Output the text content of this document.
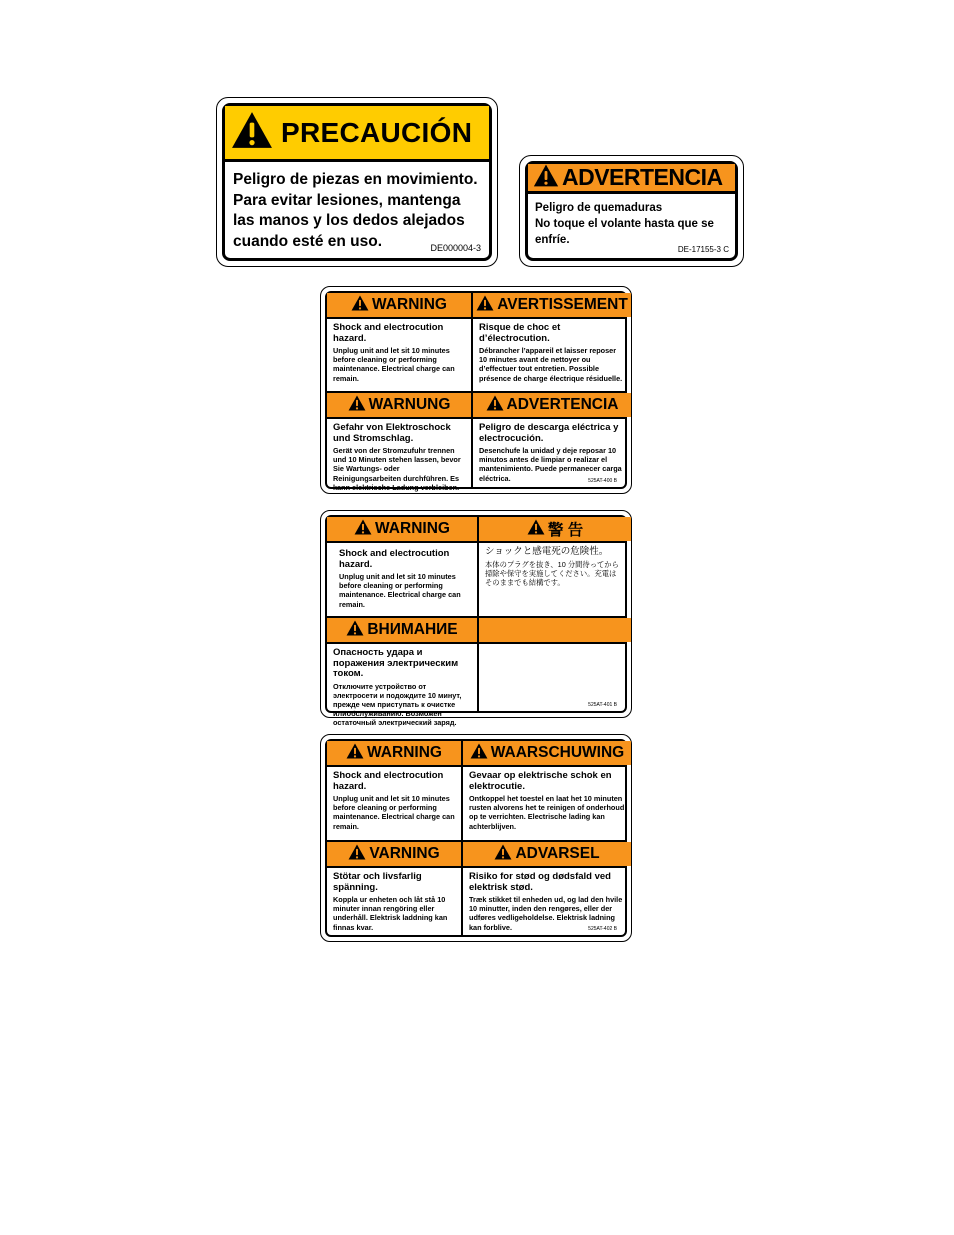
PRECAUCIÓN
Peligro de piezas en movimiento.
Para evitar lesiones, mantenga
las manos y los dedos alejados
cuando esté en uso.	DE000004-3
ADVERTENCIA
Peligro de quemaduras
No toque el volante hasta que se
enfríe.
DE-17155-3 C
WARNING	AVERTISSEMENT
Shock and electrocution hazard.
Unplug unit and let sit 10 minutes before cleaning or performing maintenance. Electrical charge can remain.
Risque de choc et d’électrocution.
Débrancher l’appareil et laisser reposer 10 minutes avant de nettoyer ou d’effectuer tout entretien. Possible présence de charge électrique résiduelle.
WARNUNG	ADVERTENCIA
Gefahr von Elektroschock und Stromschlag.
Gerät von der Stromzufuhr trennen und 10 Minuten stehen lassen, bevor Sie Wartungs- oder Reinigungsarbeiten durchführen. Es kann elektrische Ladung verbleiben.
Peligro de descarga eléctrica y electrocución.
Desenchufe la unidad y deje reposar 10 minutos antes de limpiar o realizar el mantenimiento. Puede permanecer carga eléctrica.	525AT-400 B
WARNING	警 告
Shock and electrocution hazard.
Unplug unit and let sit 10 minutes before cleaning or performing maintenance. Electrical charge can remain.
ショックと感電死の危険性。
本体のプラグを抜き、10 分間待ってから掃除や保守を実施してください。充電はそのままでも結構です。
ВНИМАНИЕ
Опасность удара и поражения электрическим током.
Отключите устройство от электросети и подождите 10 минут, прежде чем приступать к очистке илиобслуживанию. Возможен остаточный электрический заряд.
525AT-401 B
WARNING	WAARSCHUWING
Shock and electrocution hazard.
Unplug unit and let sit 10 minutes before cleaning or performing maintenance. Electrical charge can remain.
Gevaar op elektrische schok en elektrocutie.
Ontkoppel het toestel en laat het 10 minuten rusten alvorens het te reinigen of onderhoud op te verrichten. Electrische lading kan achterblijven.
VARNING	ADVARSEL
Stötar och livsfarlig spänning.
Koppla ur enheten och låt stå 10 minuter innan rengöring eller underhåll. Elektrisk laddning kan finnas kvar.
Risiko for stød og dødsfald ved elektrisk stød.
Træk stikket til enheden ud, og lad den hvile 10 minutter, inden den rengøres, eller der udføres vedligeholdelse. Elektrisk ladning kan forblive.	525AT-402 B
